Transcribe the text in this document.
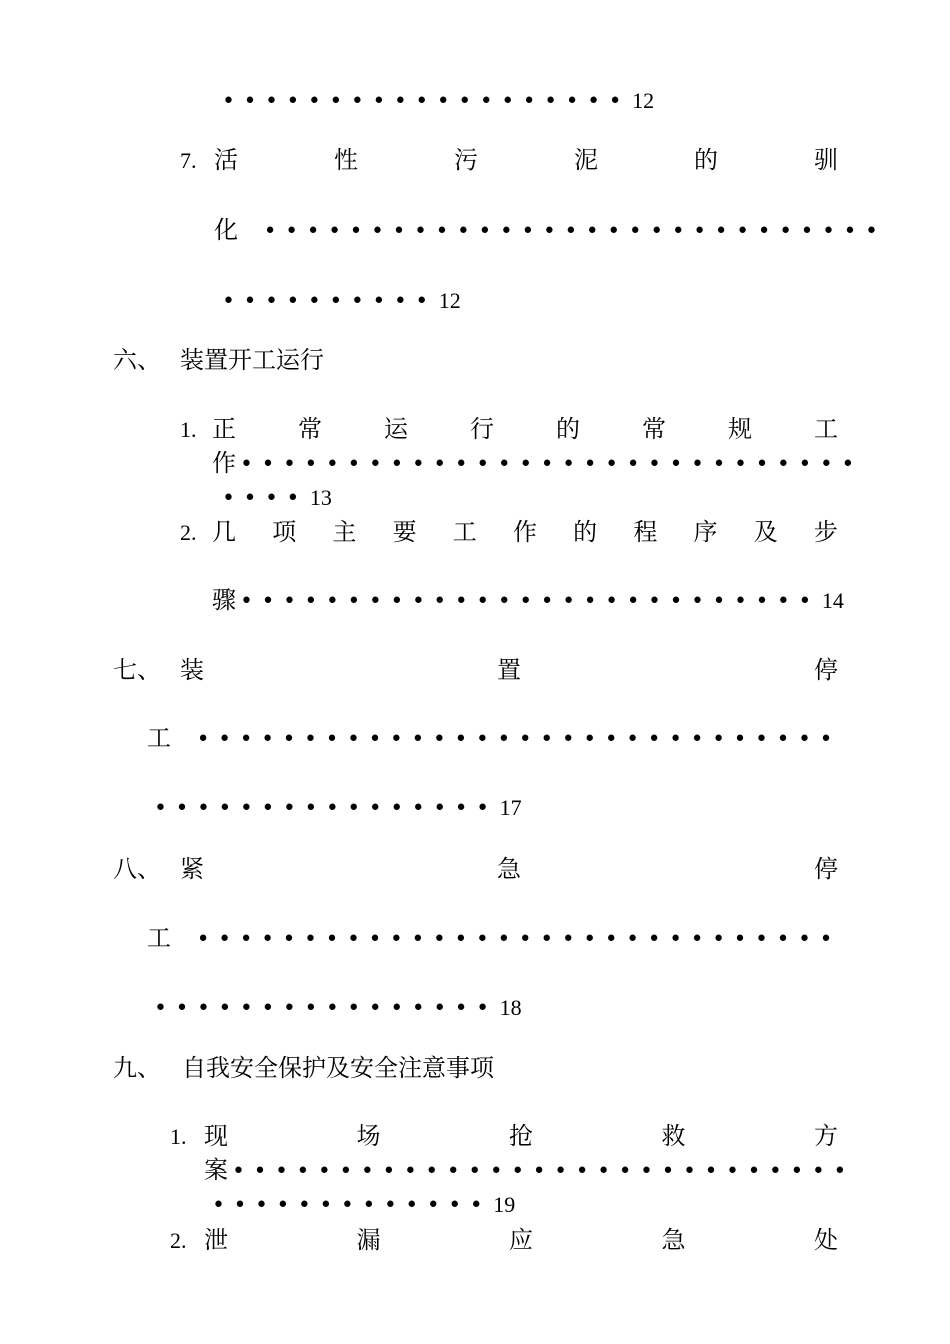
•••••••••••••••••••12
7. 活	性	污	泥	的	驯
化 •••••••••••••••••••••••••••••
••••••••••12
六、 装置开工运行
1. 正	常	运	行	的	常	规	工
作 •••••••••••••••••••••••••••••
••••13
2. 几 项 主 要 工 作 的 程 序 及 步
骤 •••••••••••••••••••••••••••14
七、 装	置	停
工 ••••••••••••••••••••••••••••••
••••••••••••••••17
八、 紧	急	停
工 ••••••••••••••••••••••••••••••
••••••••••••••••18
九、 自我安全保护及安全注意事项
1. 现	场	抢	救	方
案 •••••••••••••••••••••••••••••
•••••••••••••19
2. 泄	漏	应	急	处
